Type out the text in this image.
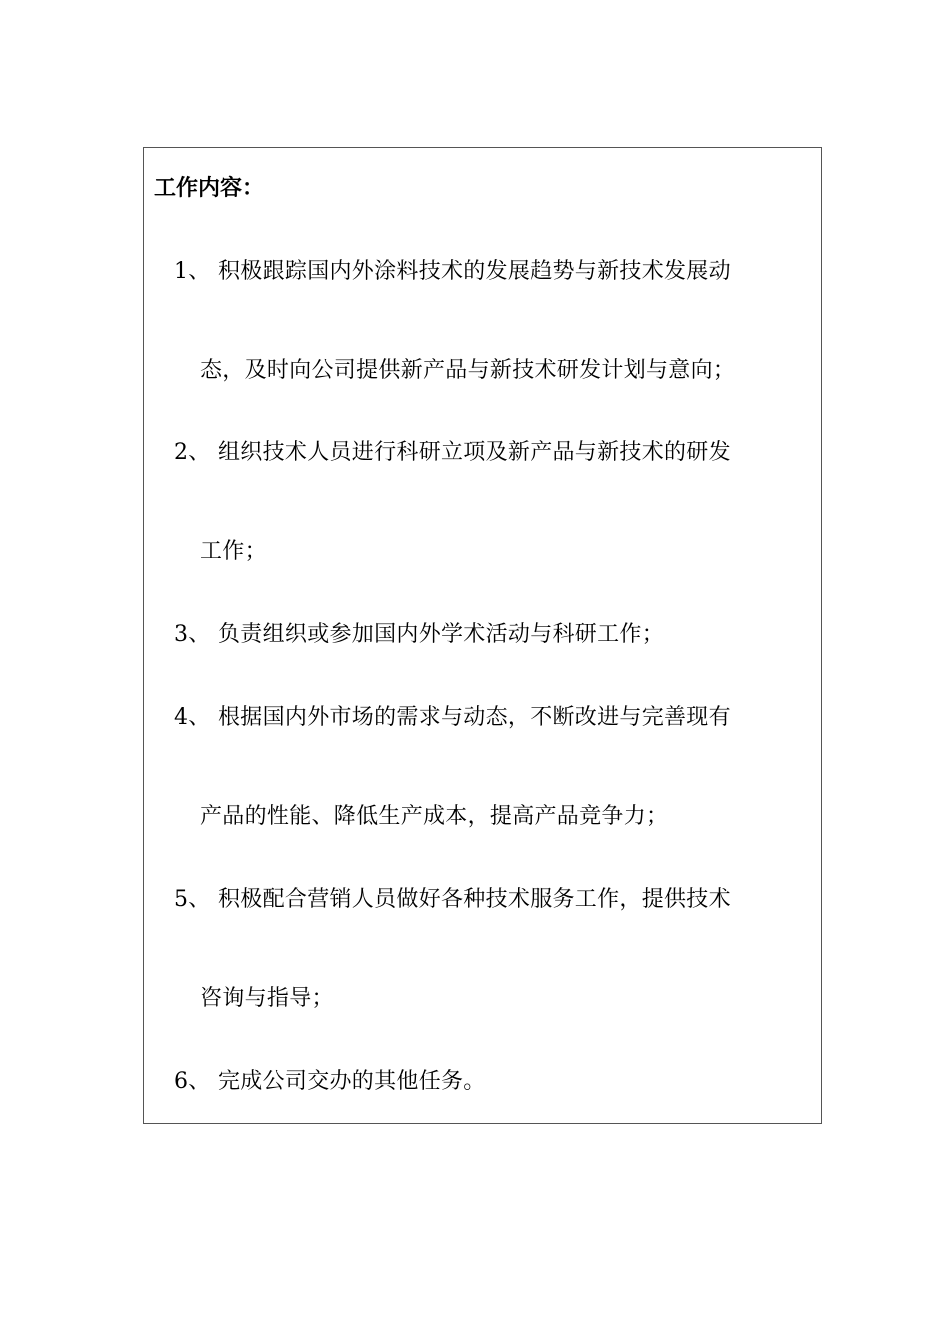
工作内容：
1、 积极跟踪国内外涂料技术的发展趋势与新技术发展动
态，及时向公司提供新产品与新技术研发计划与意向；
2、 组织技术人员进行科研立项及新产品与新技术的研发
工作；
3、 负责组织或参加国内外学术活动与科研工作；
4、 根据国内外市场的需求与动态，不断改进与完善现有
产品的性能、降低生产成本，提高产品竞争力；
5、 积极配合营销人员做好各种技术服务工作，提供技术
咨询与指导；
6、 完成公司交办的其他任务。
